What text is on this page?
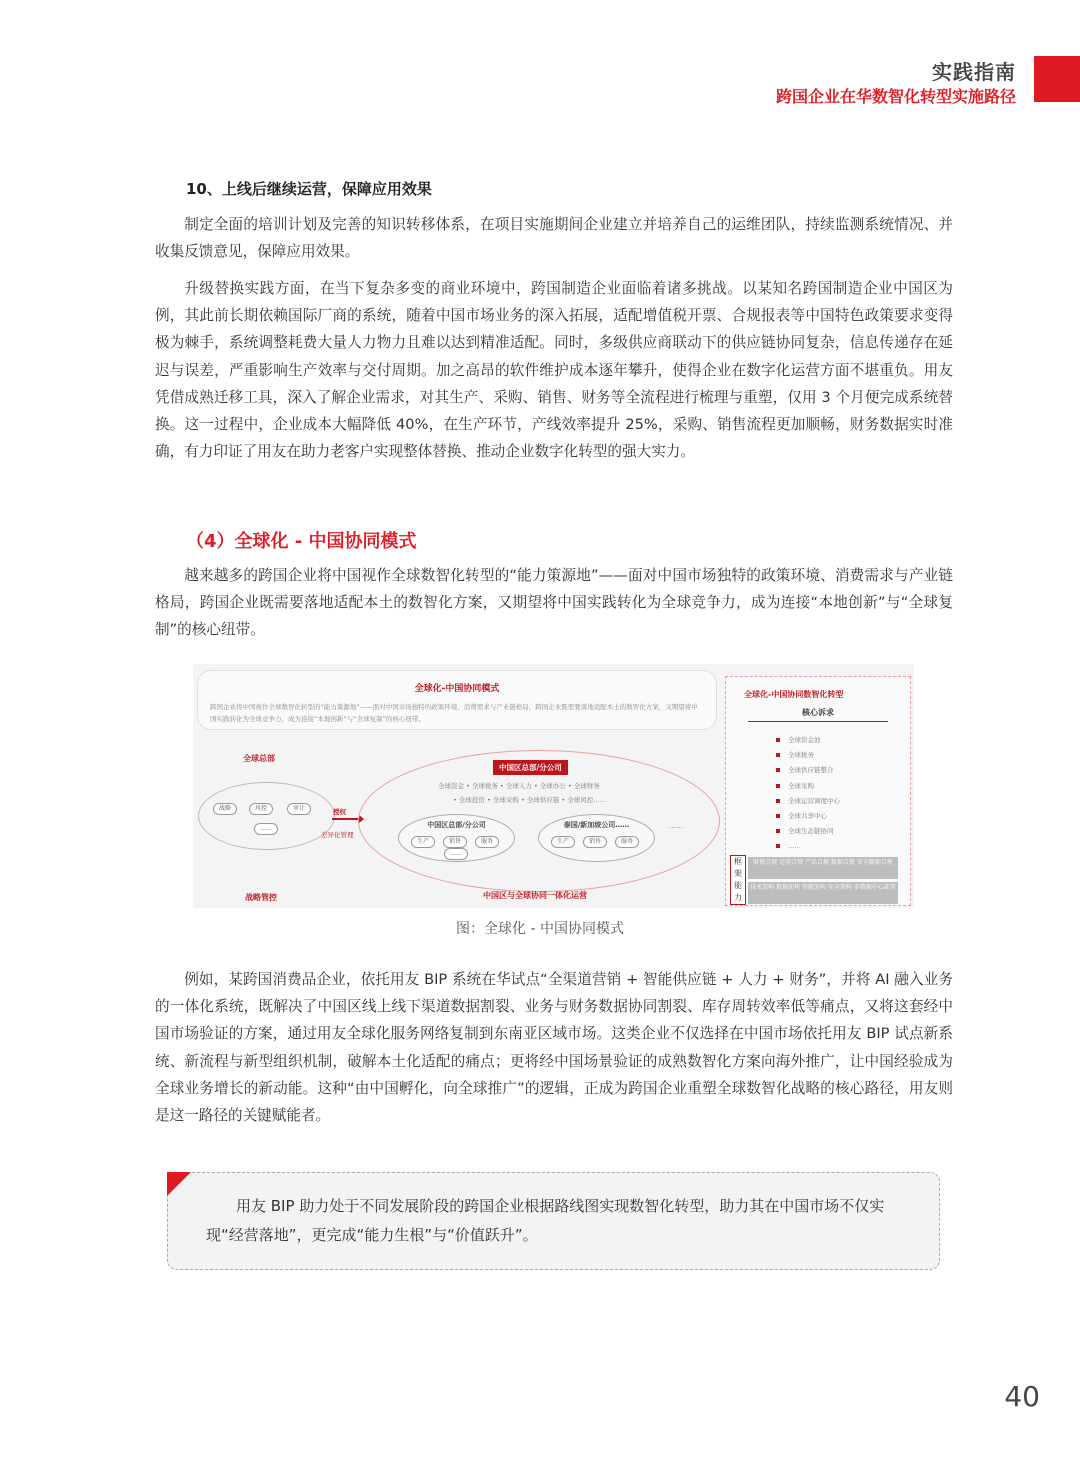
实践指南
跨国企业在华数智化转型实施路径
10、上线后继续运营，保障应用效果

制定全面的培训计划及完善的知识转移体系，在项目实施期间企业建立并培养自己的运维团队，持续监测系统情况、并收集反馈意见，保障应用效果。

升级替换实践方面，在当下复杂多变的商业环境中，跨国制造企业面临着诸多挑战。以某知名跨国制造企业中国区为例，其此前长期依赖国际厂商的系统，随着中国市场业务的深入拓展，适配增值税开票、合规报表等中国特色政策要求变得极为棘手，系统调整耗费大量人力物力且难以达到精准适配。同时，多级供应商联动下的供应链协同复杂，信息传递存在延迟与误差，严重影响生产效率与交付周期。加之高昂的软件维护成本逐年攀升，使得企业在数字化运营方面不堪重负。用友凭借成熟迁移工具，深入了解企业需求，对其生产、采购、销售、财务等全流程进行梳理与重塑，仅用 3 个月便完成系统替换。这一过程中，企业成本大幅降低 40%，在生产环节，产线效率提升 25%，采购、销售流程更加顺畅，财务数据实时准确，有力印证了用友在助力老客户实现整体替换、推动企业数字化转型的强大实力。

（4）全球化 - 中国协同模式

越来越多的跨国企业将中国视作全球数智化转型的“能力策源地”——面对中国市场独特的政策环境、消费需求与产业链格局，跨国企业既需要落地适配本土的数智化方案，又期望将中国实践转化为全球竞争力，成为连接“本地创新”与“全球复制”的核心纽带。

全球化-中国协同模式
跨国企业将中国视作全球数智化转型的“能力策源地”——面对中国市场独特的政策环境、消费需求与产业链格局，跨国企业既需要落地适配本土的数智化方案，又期望将中国实践转化为全球竞争力，成为连接“本地创新”与“全球复制”的核心纽带。
全球总部
战略	风控	审计
……
授权
差异化管理
战略管控
中国区总部/分公司
全球资金 • 全球税务 • 全球人力 • 全球办公 • 全球财务
• 全球投资 • 全球采购 • 全球供应链 • 全球风控……
中国区总部/分公司
生产	销售	服务
……
泰国/新加坡公司……
生产	销售	服务
……
中国区与全球协同一体化运营
全球化-中国协同数智化转型
核心诉求
全球资金池
全球税务
全球供应链整合
全球采购
全球运营调度中心
全球共享中心
全球生态链协同
……
框架能力
财税合规 运营合规 产品合规 数据合规 安全数据合规
技术架构 数据架构 智能架构 安全架构 多数据中心部署
图：全球化 - 中国协同模式

例如，某跨国消费品企业，依托用友 BIP 系统在华试点“全渠道营销 + 智能供应链 + 人力 + 财务”，并将 AI 融入业务的一体化系统，既解决了中国区线上线下渠道数据割裂、业务与财务数据协同割裂、库存周转效率低等痛点，又将这套经中国市场验证的方案，通过用友全球化服务网络复制到东南亚区域市场。这类企业不仅选择在中国市场依托用友 BIP 试点新系统、新流程与新型组织机制，破解本土化适配的痛点；更将经中国场景验证的成熟数智化方案向海外推广，让中国经验成为全球业务增长的新动能。这种“由中国孵化，向全球推广”的逻辑，正成为跨国企业重塑全球数智化战略的核心路径，用友则是这一路径的关键赋能者。

用友 BIP 助力处于不同发展阶段的跨国企业根据路线图实现数智化转型，助力其在中国市场不仅实现“经营落地”，更完成“能力生根”与“价值跃升”。

40
